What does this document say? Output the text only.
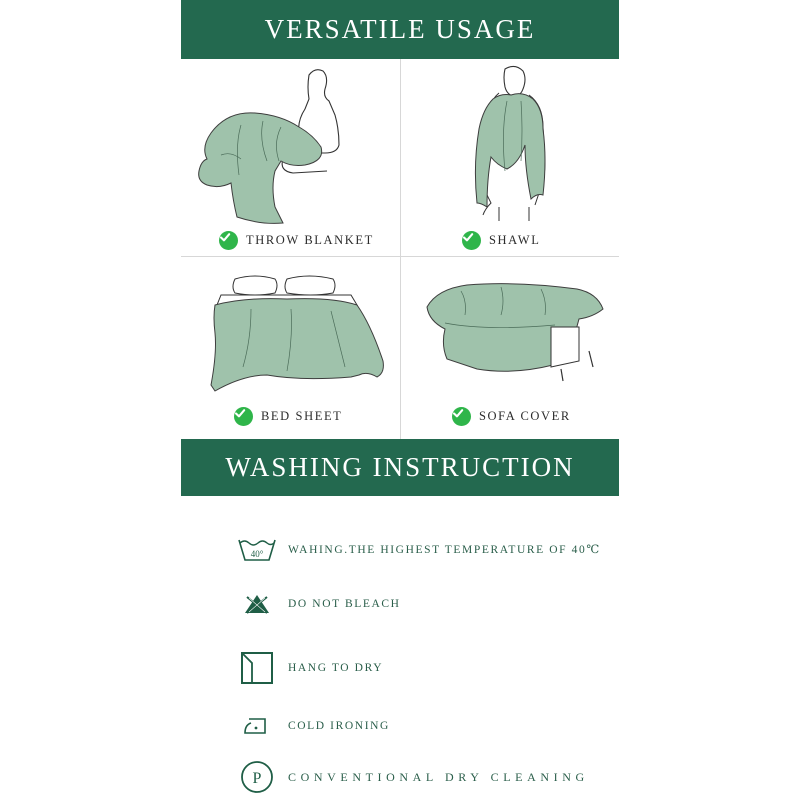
VERSATILE USAGE
THROW BLANKET	SHAWL
BED SHEET	SOFA COVER
WASHING INSTRUCTION
40° WAHING.THE HIGHEST TEMPERATURE OF 40℃
DO NOT BLEACH
HANG TO DRY
COLD IRONING
P CONVENTIONAL DRY CLEANING
